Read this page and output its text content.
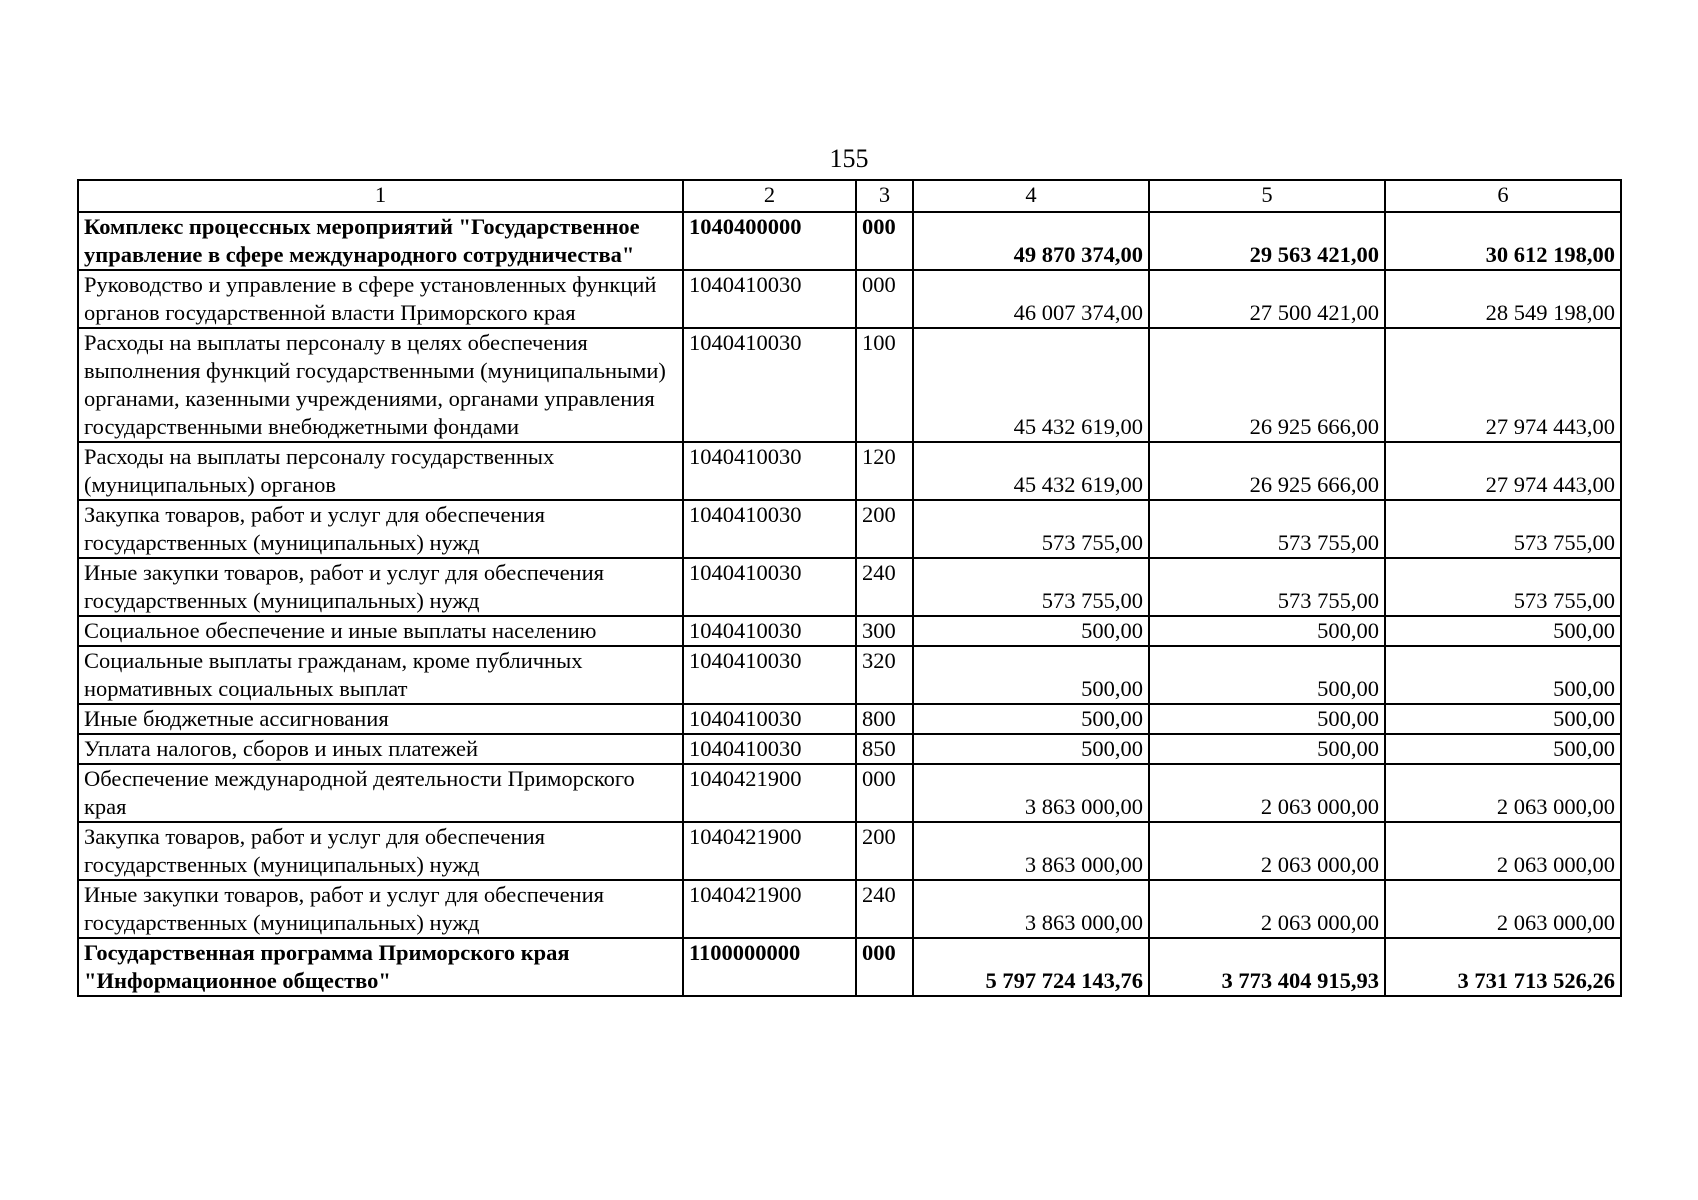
155
1	2	3	4	5	6
Комплекс процессных мероприятий "Государственное управление в сфере международного сотрудничества"	1040400000	000	49 870 374,00	29 563 421,00	30 612 198,00
Руководство и управление в сфере установленных функций органов государственной власти Приморского края	1040410030	000	46 007 374,00	27 500 421,00	28 549 198,00
Расходы на выплаты персоналу в целях обеспечения выполнения функций государственными (муниципальными) органами, казенными учреждениями, органами управления государственными внебюджетными фондами	1040410030	100	45 432 619,00	26 925 666,00	27 974 443,00
Расходы на выплаты персоналу государственных (муниципальных) органов	1040410030	120	45 432 619,00	26 925 666,00	27 974 443,00
Закупка товаров, работ и услуг для обеспечения государственных (муниципальных) нужд	1040410030	200	573 755,00	573 755,00	573 755,00
Иные закупки товаров, работ и услуг для обеспечения государственных (муниципальных) нужд	1040410030	240	573 755,00	573 755,00	573 755,00
Социальное обеспечение и иные выплаты населению	1040410030	300	500,00	500,00	500,00
Социальные выплаты гражданам, кроме публичных нормативных социальных выплат	1040410030	320	500,00	500,00	500,00
Иные бюджетные ассигнования	1040410030	800	500,00	500,00	500,00
Уплата налогов, сборов и иных платежей	1040410030	850	500,00	500,00	500,00
Обеспечение международной деятельности Приморского края	1040421900	000	3 863 000,00	2 063 000,00	2 063 000,00
Закупка товаров, работ и услуг для обеспечения государственных (муниципальных) нужд	1040421900	200	3 863 000,00	2 063 000,00	2 063 000,00
Иные закупки товаров, работ и услуг для обеспечения государственных (муниципальных) нужд	1040421900	240	3 863 000,00	2 063 000,00	2 063 000,00
Государственная программа Приморского края "Информационное общество"	1100000000	000	5 797 724 143,76	3 773 404 915,93	3 731 713 526,26
